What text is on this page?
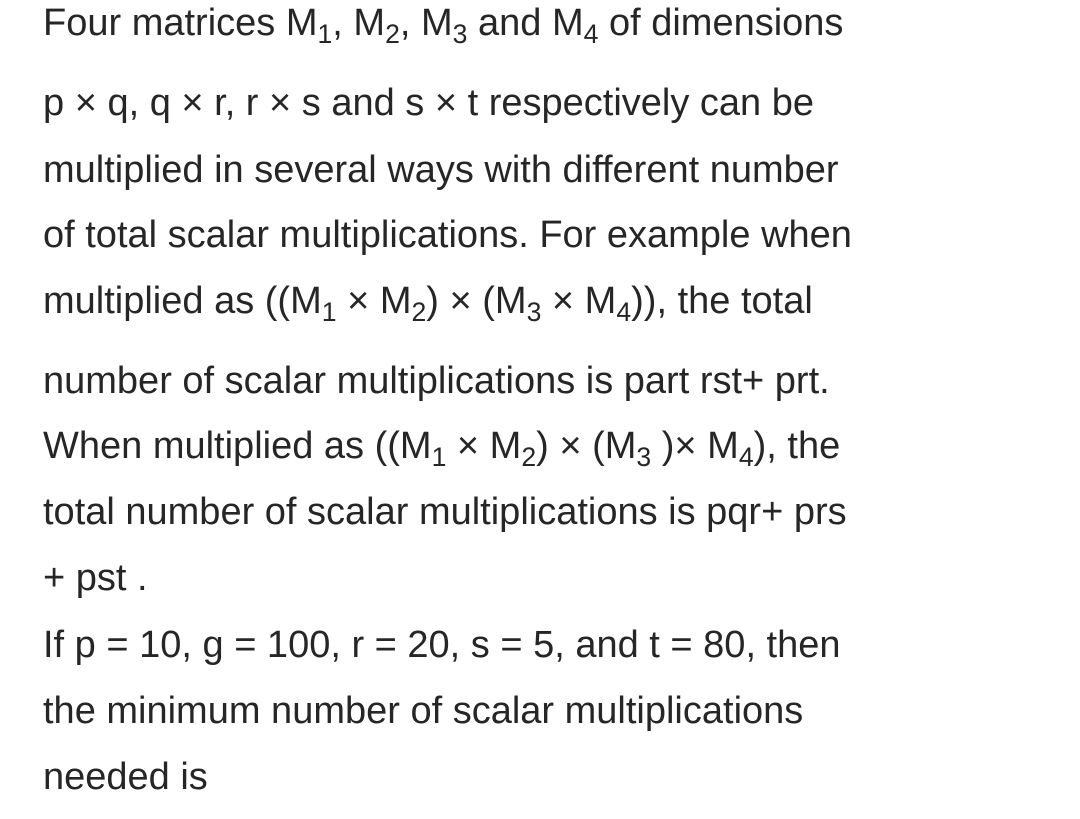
Four matrices $M_1$, $M_2$, $M_3$ and $M_4$ of dimensions
p × q, q × r, r × s and s × t respectively can be
multiplied in several ways with different number
of total scalar multiplications. For example when
multiplied as $((M_1 \times M_2) \times (M_3 \times M_4))$, the total
number of scalar multiplications is part rst+ prt.
When multiplied as ($(M_1 \times M_2) \times (M_3$ )× $M_4$), the
total number of scalar multiplications is pqr+ prs
+ pst .
If p = 10, g = 100, r = 20, s = 5, and t = 80, then
the minimum number of scalar multiplications
needed is
